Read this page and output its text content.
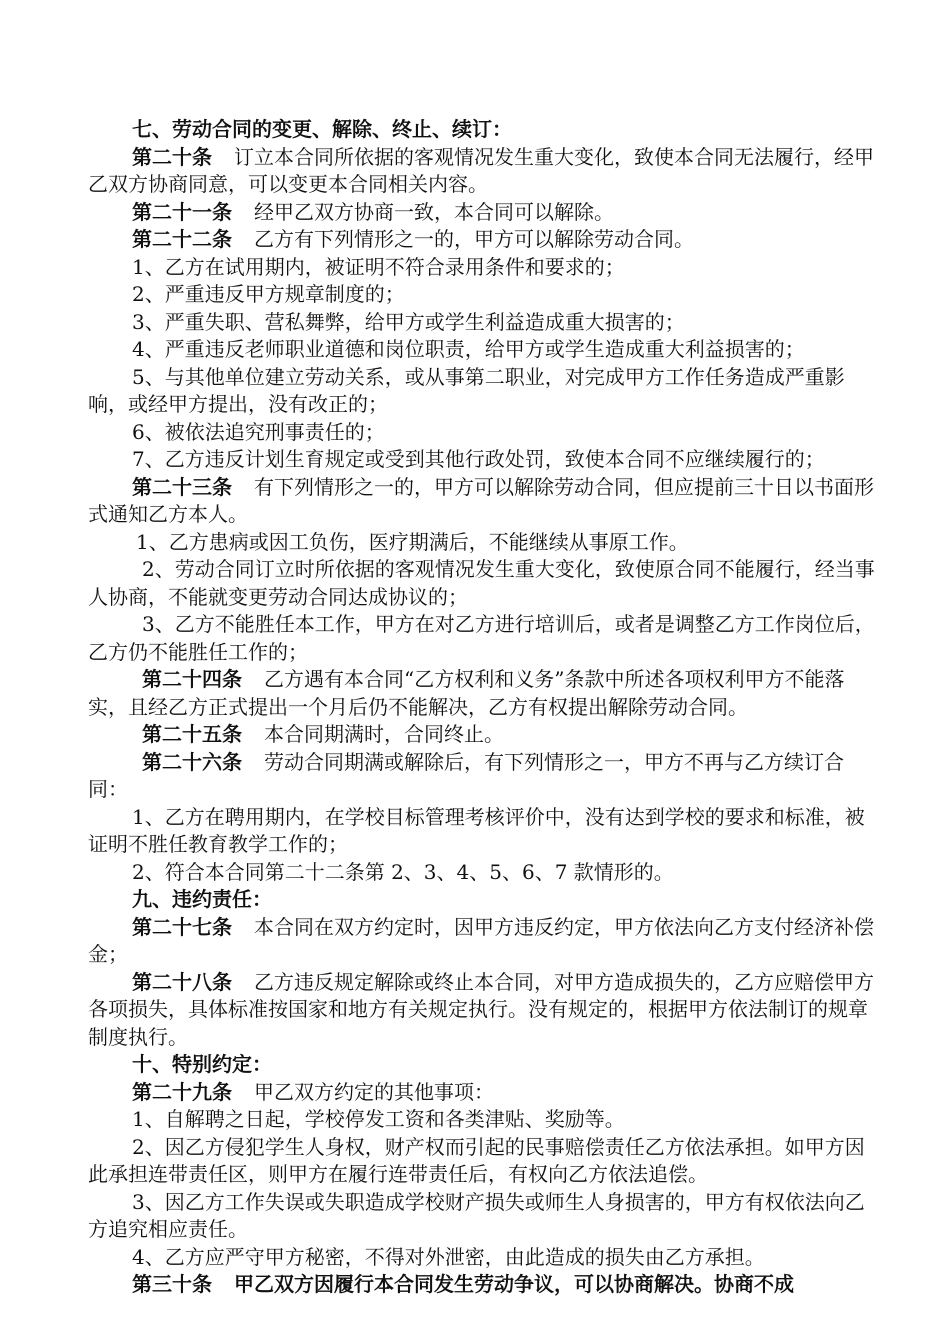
七、劳动合同的变更、解除、终止、续订：

第二十条 订立本合同所依据的客观情况发生重大变化，致使本合同无法履行，经甲乙双方协商同意，可以变更本合同相关内容。

第二十一条 经甲乙双方协商一致，本合同可以解除。

第二十二条 乙方有下列情形之一的，甲方可以解除劳动合同。

1、乙方在试用期内，被证明不符合录用条件和要求的；

2、严重违反甲方规章制度的；

3、严重失职、营私舞弊，给甲方或学生利益造成重大损害的；

4、严重违反老师职业道德和岗位职责，给甲方或学生造成重大利益损害的；

5、与其他单位建立劳动关系，或从事第二职业，对完成甲方工作任务造成严重影响，或经甲方提出，没有改正的；

6、被依法追究刑事责任的；

7、乙方违反计划生育规定或受到其他行政处罚，致使本合同不应继续履行的；

第二十三条 有下列情形之一的，甲方可以解除劳动合同，但应提前三十日以书面形式通知乙方本人。

1、乙方患病或因工负伤，医疗期满后，不能继续从事原工作。

2、劳动合同订立时所依据的客观情况发生重大变化，致使原合同不能履行，经当事人协商，不能就变更劳动合同达成协议的；

3、乙方不能胜任本工作，甲方在对乙方进行培训后，或者是调整乙方工作岗位后，乙方仍不能胜任工作的；

第二十四条 乙方遇有本合同“乙方权利和义务”条款中所述各项权利甲方不能落实，且经乙方正式提出一个月后仍不能解决，乙方有权提出解除劳动合同。

第二十五条 本合同期满时，合同终止。

第二十六条 劳动合同期满或解除后，有下列情形之一，甲方不再与乙方续订合同：

1、乙方在聘用期内，在学校目标管理考核评价中，没有达到学校的要求和标准，被证明不胜任教育教学工作的；

2、符合本合同第二十二条第 2、3、4、5、6、7 款情形的。

九、违约责任：

第二十七条 本合同在双方约定时，因甲方违反约定，甲方依法向乙方支付经济补偿金；

第二十八条 乙方违反规定解除或终止本合同，对甲方造成损失的，乙方应赔偿甲方各项损失，具体标准按国家和地方有关规定执行。没有规定的，根据甲方依法制订的规章制度执行。

十、特别约定：

第二十九条 甲乙双方约定的其他事项：

1、自解聘之日起，学校停发工资和各类津贴、奖励等。

2、因乙方侵犯学生人身权，财产权而引起的民事赔偿责任乙方依法承担。如甲方因此承担连带责任区，则甲方在履行连带责任后，有权向乙方依法追偿。

3、因乙方工作失误或失职造成学校财产损失或师生人身损害的，甲方有权依法向乙方追究相应责任。

4、乙方应严守甲方秘密，不得对外泄密，由此造成的损失由乙方承担。

第三十条 甲乙双方因履行本合同发生劳动争议，可以协商解决。协商不成
